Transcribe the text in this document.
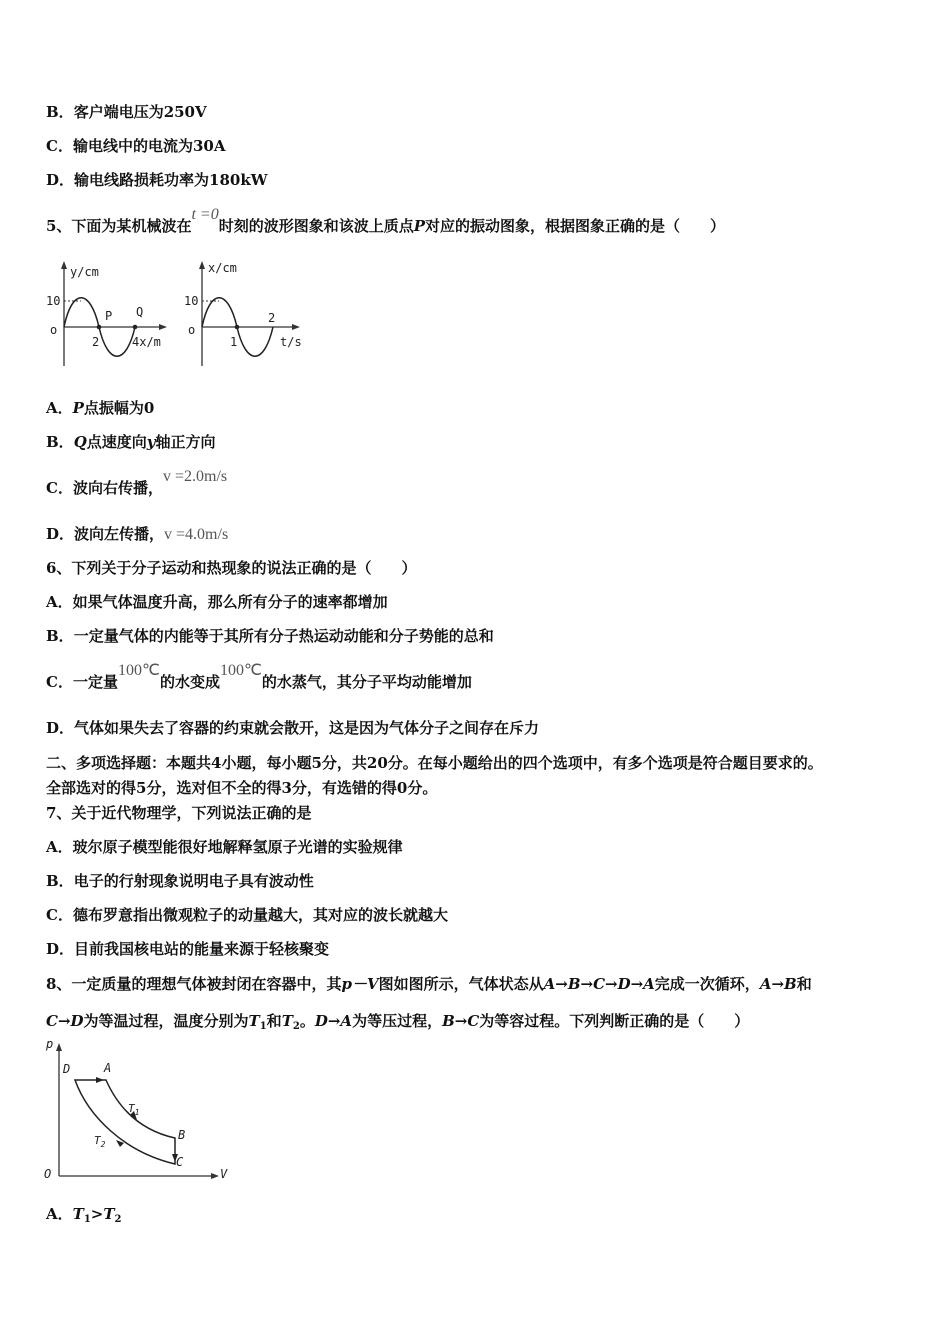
B．客户端电压为250V
C．输电线中的电流为30A
D．输电线路损耗功率为180kW
5、下面为某机械波在t =0时刻的波形图象和该波上质点P对应的振动图象，根据图象正确的是（　　）
y/cm
10
o
P Q
2	4x/m
x/cm
10
o
1
2
t/s
A．P点振幅为0
B．Q点速度向y轴正方向
C．波向右传播，v =2.0m/s
D．波向左传播，v =4.0m/s
6、下列关于分子运动和热现象的说法正确的是（　　）
A．如果气体温度升高，那么所有分子的速率都增加
B．一定量气体的内能等于其所有分子热运动动能和分子势能的总和
C．一定量100℃的水变成100℃的水蒸气，其分子平均动能增加
D．气体如果失去了容器的约束就会散开，这是因为气体分子之间存在斥力
二、多项选择题：本题共4小题，每小题5分，共20分。在每小题给出的四个选项中，有多个选项是符合题目要求的。
全部选对的得5分，选对但不全的得3分，有选错的得0分。
7、关于近代物理学，下列说法正确的是
A．玻尔原子模型能很好地解释氢原子光谱的实验规律
B．电子的行射现象说明电子具有波动性
C．德布罗意指出微观粒子的动量越大，其对应的波长就越大
D．目前我国核电站的能量来源于轻核聚变
8、一定质量的理想气体被封闭在容器中，其p－V图如图所示，气体状态从A→B→C→D→A完成一次循环，A→B和
C→D为等温过程，温度分别为$T_1$和$T_2$。D→A为等压过程，B→C为等容过程。下列判断正确的是（　　）
p
V
O
D	A
B
C
$T_1$
$T_2$
A．$T_1>T_2$
